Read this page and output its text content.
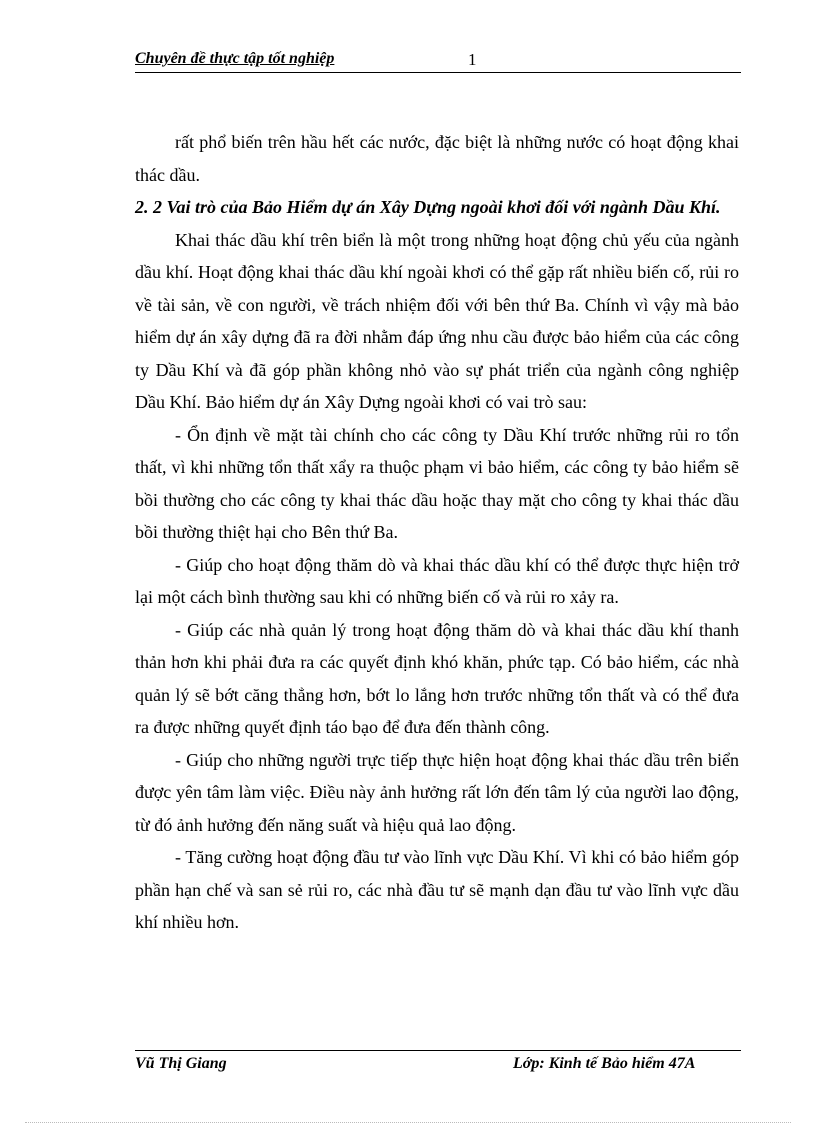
Chuyên đề thực tập tốt nghiệp	1

rất phổ biến trên hầu hết các nước, đặc biệt là những nước có hoạt động khai thác dầu.

2. 2 Vai trò của Bảo Hiểm dự án Xây Dựng ngoài khơi đối với ngành Dầu Khí.

Khai thác dầu khí trên biển là một trong những hoạt động chủ yếu của ngành dầu khí. Hoạt động khai thác dầu khí ngoài khơi có thể gặp rất nhiều biến cố, rủi ro về tài sản, về con người, về trách nhiệm đối với bên thứ Ba. Chính vì vậy mà bảo hiểm dự án xây dựng đã ra đời nhằm đáp ứng nhu cầu được bảo hiểm của các công ty Dầu Khí và đã góp phần không nhỏ vào sự phát triển của ngành công nghiệp Dầu Khí. Bảo hiểm dự án Xây Dựng ngoài khơi có vai trò sau:

- Ổn định về mặt tài chính cho các công ty Dầu Khí trước những rủi ro tổn thất, vì khi những tổn thất xẩy ra thuộc phạm vi bảo hiểm, các công ty bảo hiểm sẽ bồi thường cho các công ty khai thác dầu hoặc thay mặt cho công ty khai thác dầu bồi thường thiệt hại cho Bên thứ Ba.

- Giúp cho hoạt động thăm dò và khai thác dầu khí có thể được thực hiện trở lại một cách bình thường sau khi có những biến cố và rủi ro xảy ra.

- Giúp các nhà quản lý trong hoạt động thăm dò và khai thác dầu khí thanh thản hơn khi phải đưa ra các quyết định khó khăn, phức tạp. Có bảo hiểm, các nhà quản lý sẽ bớt căng thẳng hơn, bớt lo lắng hơn trước những tổn thất và có thể đưa ra được những quyết định táo bạo để đưa đến thành công.

- Giúp cho những người trực tiếp thực hiện hoạt động khai thác dầu trên biển được yên tâm làm việc. Điều này ảnh hưởng rất lớn đến tâm lý của người lao động, từ đó ảnh hưởng đến năng suất và hiệu quả lao động.

- Tăng cường hoạt động đầu tư vào lĩnh vực Dầu Khí. Vì khi có bảo hiểm góp phần hạn chế và san sẻ rủi ro, các nhà đầu tư sẽ mạnh dạn đầu tư vào lĩnh vực dầu khí nhiều hơn.

Vũ Thị Giang	Lớp: Kinh tế Bảo hiểm 47A
